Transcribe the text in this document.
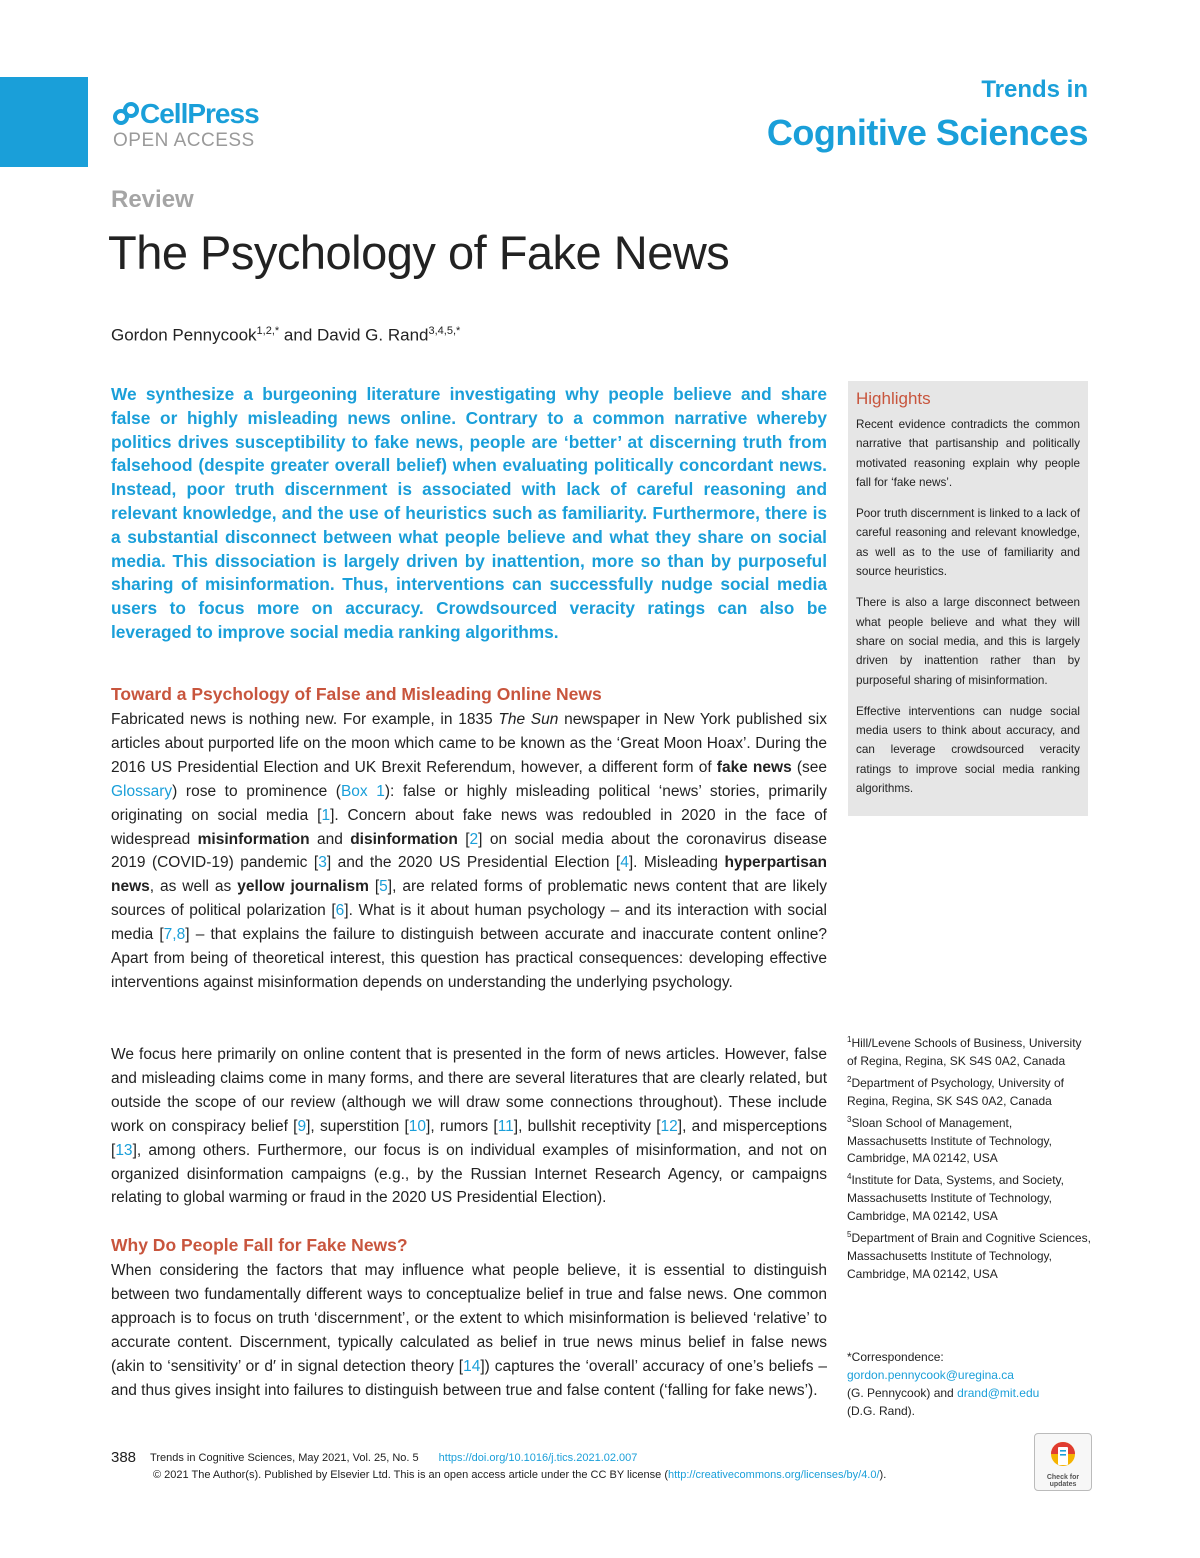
CellPress
OPEN ACCESS
Trends in
Cognitive Sciences
Review
The Psychology of Fake News
Gordon Pennycook$^{1,2,*}$ and David G. Rand$^{3,4,5,*}$

We synthesize a burgeoning literature investigating why people believe and share false or highly misleading news online. Contrary to a common narrative whereby politics drives susceptibility to fake news, people are ‘better’ at discerning truth from falsehood (despite greater overall belief) when evaluating politically concordant news. Instead, poor truth discernment is associated with lack of careful reasoning and relevant knowledge, and the use of heuristics such as familiarity. Furthermore, there is a substantial disconnect between what people believe and what they share on social media. This dissociation is largely driven by inattention, more so than by purposeful sharing of misinformation. Thus, interventions can successfully nudge social media users to focus more on accuracy. Crowdsourced veracity ratings can also be leveraged to improve social media ranking algorithms.

Toward a Psychology of False and Misleading Online News

Fabricated news is nothing new. For example, in 1835 The Sun newspaper in New York published six articles about purported life on the moon which came to be known as the ‘Great Moon Hoax’. During the 2016 US Presidential Election and UK Brexit Referendum, however, a different form of fake news (see Glossary) rose to prominence (Box 1): false or highly misleading political ‘news’ stories, primarily originating on social media [1]. Concern about fake news was redoubled in 2020 in the face of widespread misinformation and disinformation [2] on social media about the coronavirus disease 2019 (COVID-19) pandemic [3] and the 2020 US Presidential Election [4]. Misleading hyperpartisan news, as well as yellow journalism [5], are related forms of problematic news content that are likely sources of political polarization [6]. What is it about human psychology – and its interaction with social media [7,8] – that explains the failure to distinguish between accurate and inaccurate content online? Apart from being of theoretical interest, this question has practical consequences: developing effective interventions against misinformation depends on understanding the underlying psychology.

We focus here primarily on online content that is presented in the form of news articles. However, false and misleading claims come in many forms, and there are several literatures that are clearly related, but outside the scope of our review (although we will draw some connections throughout). These include work on conspiracy belief [9], superstition [10], rumors [11], bullshit receptivity [12], and misperceptions [13], among others. Furthermore, our focus is on individual examples of misinformation, and not on organized disinformation campaigns (e.g., by the Russian Internet Research Agency, or campaigns relating to global warming or fraud in the 2020 US Presidential Election).

Why Do People Fall for Fake News?

When considering the factors that may influence what people believe, it is essential to distinguish between two fundamentally different ways to conceptualize belief in true and false news. One common approach is to focus on truth ‘discernment’, or the extent to which misinformation is believed ‘relative’ to accurate content. Discernment, typically calculated as belief in true news minus belief in false news (akin to ‘sensitivity’ or d′ in signal detection theory [14]) captures the ‘overall’ accuracy of one’s beliefs – and thus gives insight into failures to distinguish between true and false content (‘falling for fake news’).

Highlights

Recent evidence contradicts the common narrative that partisanship and politically motivated reasoning explain why people fall for ‘fake news’.

Poor truth discernment is linked to a lack of careful reasoning and relevant knowledge, as well as to the use of familiarity and source heuristics.

There is also a large disconnect between what people believe and what they will share on social media, and this is largely driven by inattention rather than by purposeful sharing of misinformation.

Effective interventions can nudge social media users to think about accuracy, and can leverage crowdsourced veracity ratings to improve social media ranking algorithms.

$^1$Hill/Levene Schools of Business, University of Regina, Regina, SK S4S 0A2, Canada
$^2$Department of Psychology, University of Regina, Regina, SK S4S 0A2, Canada
$^3$Sloan School of Management, Massachusetts Institute of Technology, Cambridge, MA 02142, USA
$^4$Institute for Data, Systems, and Society, Massachusetts Institute of Technology, Cambridge, MA 02142, USA
$^5$Department of Brain and Cognitive Sciences, Massachusetts Institute of Technology, Cambridge, MA 02142, USA
*Correspondence:
gordon.pennycook@uregina.ca
(G. Pennycook) and drand@mit.edu
(D.G. Rand).
388 Trends in Cognitive Sciences, May 2021, Vol. 25, No. 5 https://doi.org/10.1016/j.tics.2021.02.007
© 2021 The Author(s). Published by Elsevier Ltd. This is an open access article under the CC BY license (http://creativecommons.org/licenses/by/4.0/).	Check for
updates
